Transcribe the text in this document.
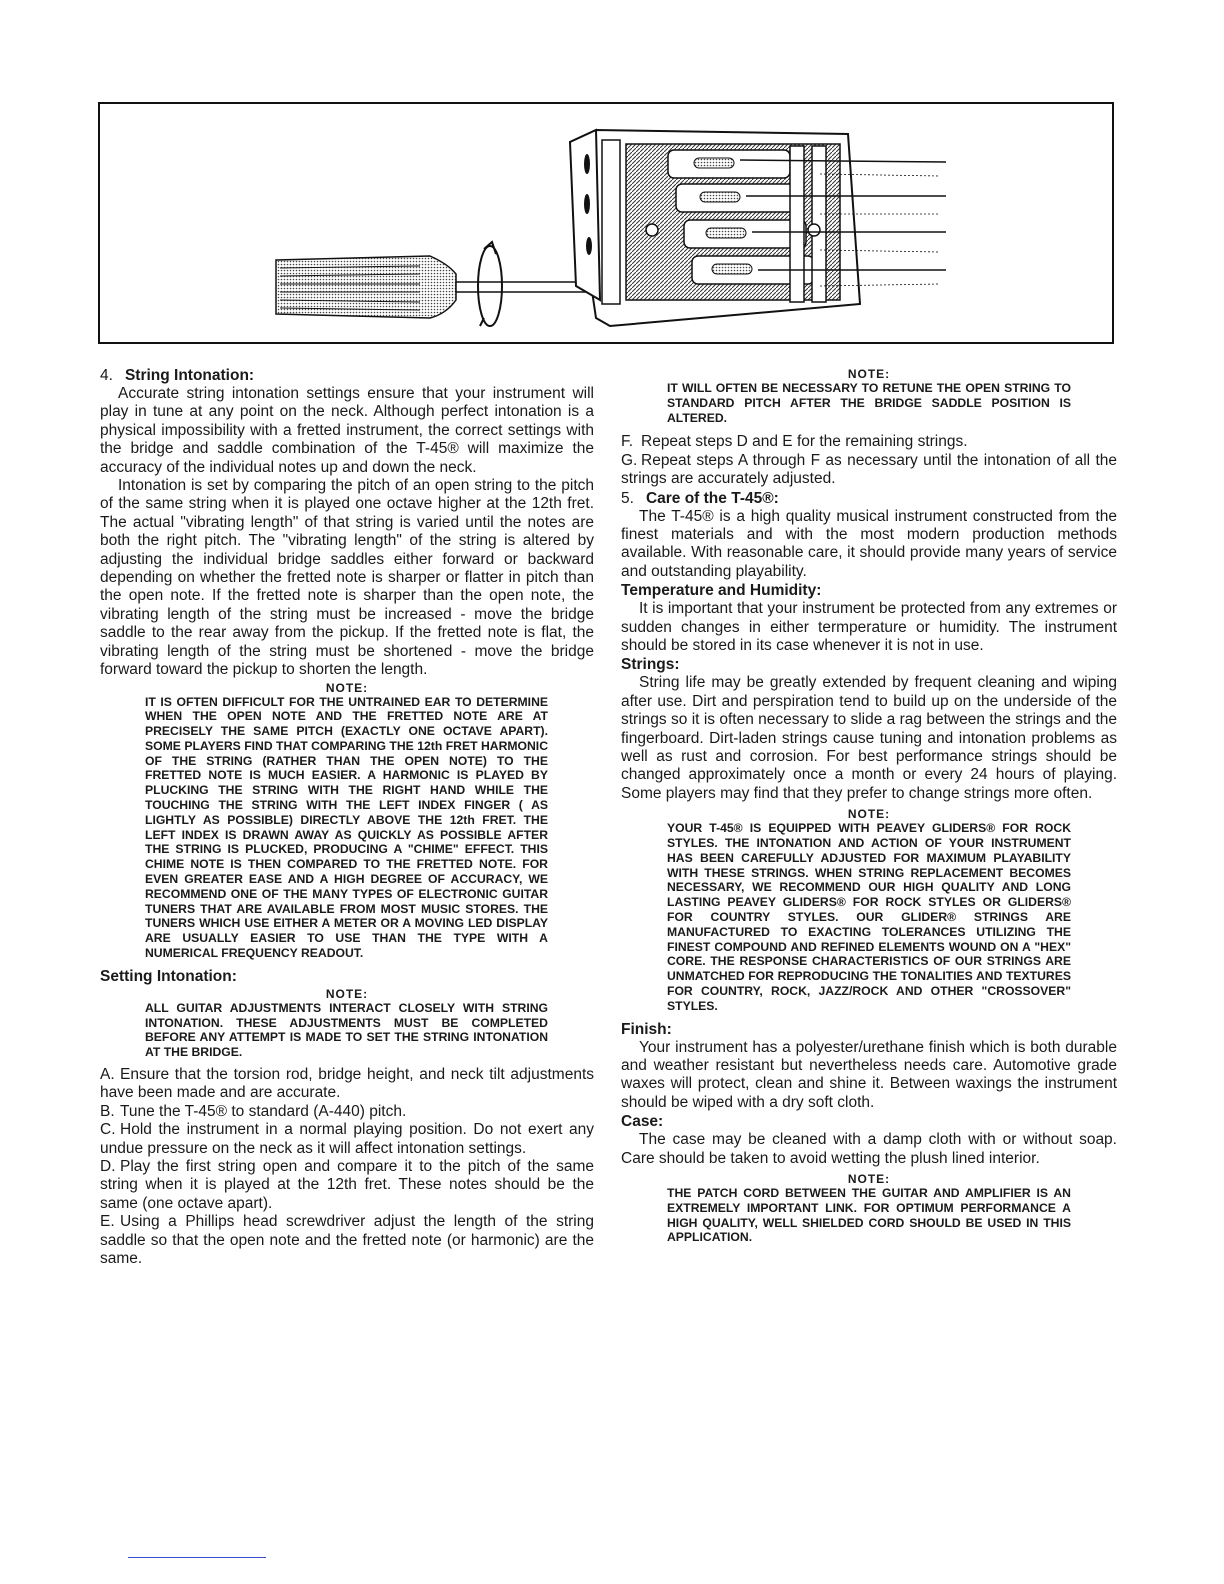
4. String Intonation:

Accurate string intonation settings ensure that your instrument will play in tune at any point on the neck. Although perfect intonation is a physical impossibility with a fretted instrument, the correct settings with the bridge and saddle combination of the T-45® will maximize the accuracy of the individual notes up and down the neck.

Intonation is set by comparing the pitch of an open string to the pitch of the same string when it is played one octave higher at the 12th fret. The actual "vibrating length" of that string is varied until the notes are both the right pitch. The "vibrating length" of the string is altered by adjusting the individual bridge saddles either forward or backward depending on whether the fretted note is sharper or flatter in pitch than the open note. If the fretted note is sharper than the open note, the vibrating length of the string must be increased - move the bridge saddle to the rear away from the pickup. If the fretted note is flat, the vibrating length of the string must be shortened - move the bridge forward toward the pickup to shorten the length.

NOTE:

IT IS OFTEN DIFFICULT FOR THE UNTRAINED EAR TO DETERMINE WHEN THE OPEN NOTE AND THE FRETTED NOTE ARE AT PRECISELY THE SAME PITCH (EXACTLY ONE OCTAVE APART). SOME PLAYERS FIND THAT COMPARING THE 12th FRET HARMONIC OF THE STRING (RATHER THAN THE OPEN NOTE) TO THE FRETTED NOTE IS MUCH EASIER. A HARMONIC IS PLAYED BY PLUCKING THE STRING WITH THE RIGHT HAND WHILE THE TOUCHING THE STRING WITH THE LEFT INDEX FINGER ( AS LIGHTLY AS POSSIBLE) DIRECTLY ABOVE THE 12th FRET. THE LEFT INDEX IS DRAWN AWAY AS QUICKLY AS POSSIBLE AFTER THE STRING IS PLUCKED, PRODUCING A "CHIME" EFFECT. THIS CHIME NOTE IS THEN COMPARED TO THE FRETTED NOTE. FOR EVEN GREATER EASE AND A HIGH DEGREE OF ACCURACY, WE RECOMMEND ONE OF THE MANY TYPES OF ELECTRONIC GUITAR TUNERS THAT ARE AVAILABLE FROM MOST MUSIC STORES. THE TUNERS WHICH USE EITHER A METER OR A MOVING LED DISPLAY ARE USUALLY EASIER TO USE THAN THE TYPE WITH A NUMERICAL FREQUENCY READOUT.

Setting Intonation:

NOTE:

ALL GUITAR ADJUSTMENTS INTERACT CLOSELY WITH STRING INTONATION. THESE ADJUSTMENTS MUST BE COMPLETED BEFORE ANY ATTEMPT IS MADE TO SET THE STRING INTONATION AT THE BRIDGE.

A. Ensure that the torsion rod, bridge height, and neck tilt adjustments have been made and are accurate.

B. Tune the T-45® to standard (A-440) pitch.

C. Hold the instrument in a normal playing position. Do not exert any undue pressure on the neck as it will affect intonation settings.

D. Play the first string open and compare it to the pitch of the same string when it is played at the 12th fret. These notes should be the same (one octave apart).

E. Using a Phillips head screwdriver adjust the length of the string saddle so that the open note and the fretted note (or harmonic) are the same.

NOTE:

IT WILL OFTEN BE NECESSARY TO RETUNE THE OPEN STRING TO STANDARD PITCH AFTER THE BRIDGE SADDLE POSITION IS ALTERED.

F. Repeat steps D and E for the remaining strings.

G. Repeat steps A through F as necessary until the intonation of all the strings are accurately adjusted.

5. Care of the T-45®:

The T-45® is a high quality musical instrument constructed from the finest materials and with the most modern production methods available. With reasonable care, it should provide many years of service and outstanding playability.

Temperature and Humidity:

It is important that your instrument be protected from any extremes or sudden changes in either termperature or humidity. The instrument should be stored in its case whenever it is not in use.

Strings:

String life may be greatly extended by frequent cleaning and wiping after use. Dirt and perspiration tend to build up on the underside of the strings so it is often necessary to slide a rag between the strings and the fingerboard. Dirt-laden strings cause tuning and intonation problems as well as rust and corrosion. For best performance strings should be changed approximately once a month or every 24 hours of playing. Some players may find that they prefer to change strings more often.

NOTE:

YOUR T-45® IS EQUIPPED WITH PEAVEY GLIDERS® FOR ROCK STYLES. THE INTONATION AND ACTION OF YOUR INSTRUMENT HAS BEEN CAREFULLY ADJUSTED FOR MAXIMUM PLAYABILITY WITH THESE STRINGS. WHEN STRING REPLACEMENT BECOMES NECESSARY, WE RECOMMEND OUR HIGH QUALITY AND LONG LASTING PEAVEY GLIDERS® FOR ROCK STYLES OR GLIDERS® FOR COUNTRY STYLES. OUR GLIDER® STRINGS ARE MANUFACTURED TO EXACTING TOLERANCES UTILIZING THE FINEST COMPOUND AND REFINED ELEMENTS WOUND ON A "HEX" CORE. THE RESPONSE CHARACTERISTICS OF OUR STRINGS ARE UNMATCHED FOR REPRODUCING THE TONALITIES AND TEXTURES FOR COUNTRY, ROCK, JAZZ/ROCK AND OTHER "CROSSOVER" STYLES.

Finish:

Your instrument has a polyester/urethane finish which is both durable and weather resistant but nevertheless needs care. Automotive grade waxes will protect, clean and shine it. Between waxings the instrument should be wiped with a dry soft cloth.

Case:

The case may be cleaned with a damp cloth with or without soap. Care should be taken to avoid wetting the plush lined interior.

NOTE:

THE PATCH CORD BETWEEN THE GUITAR AND AMPLIFIER IS AN EXTREMELY IMPORTANT LINK. FOR OPTIMUM PERFORMANCE A HIGH QUALITY, WELL SHIELDED CORD SHOULD BE USED IN THIS APPLICATION.
